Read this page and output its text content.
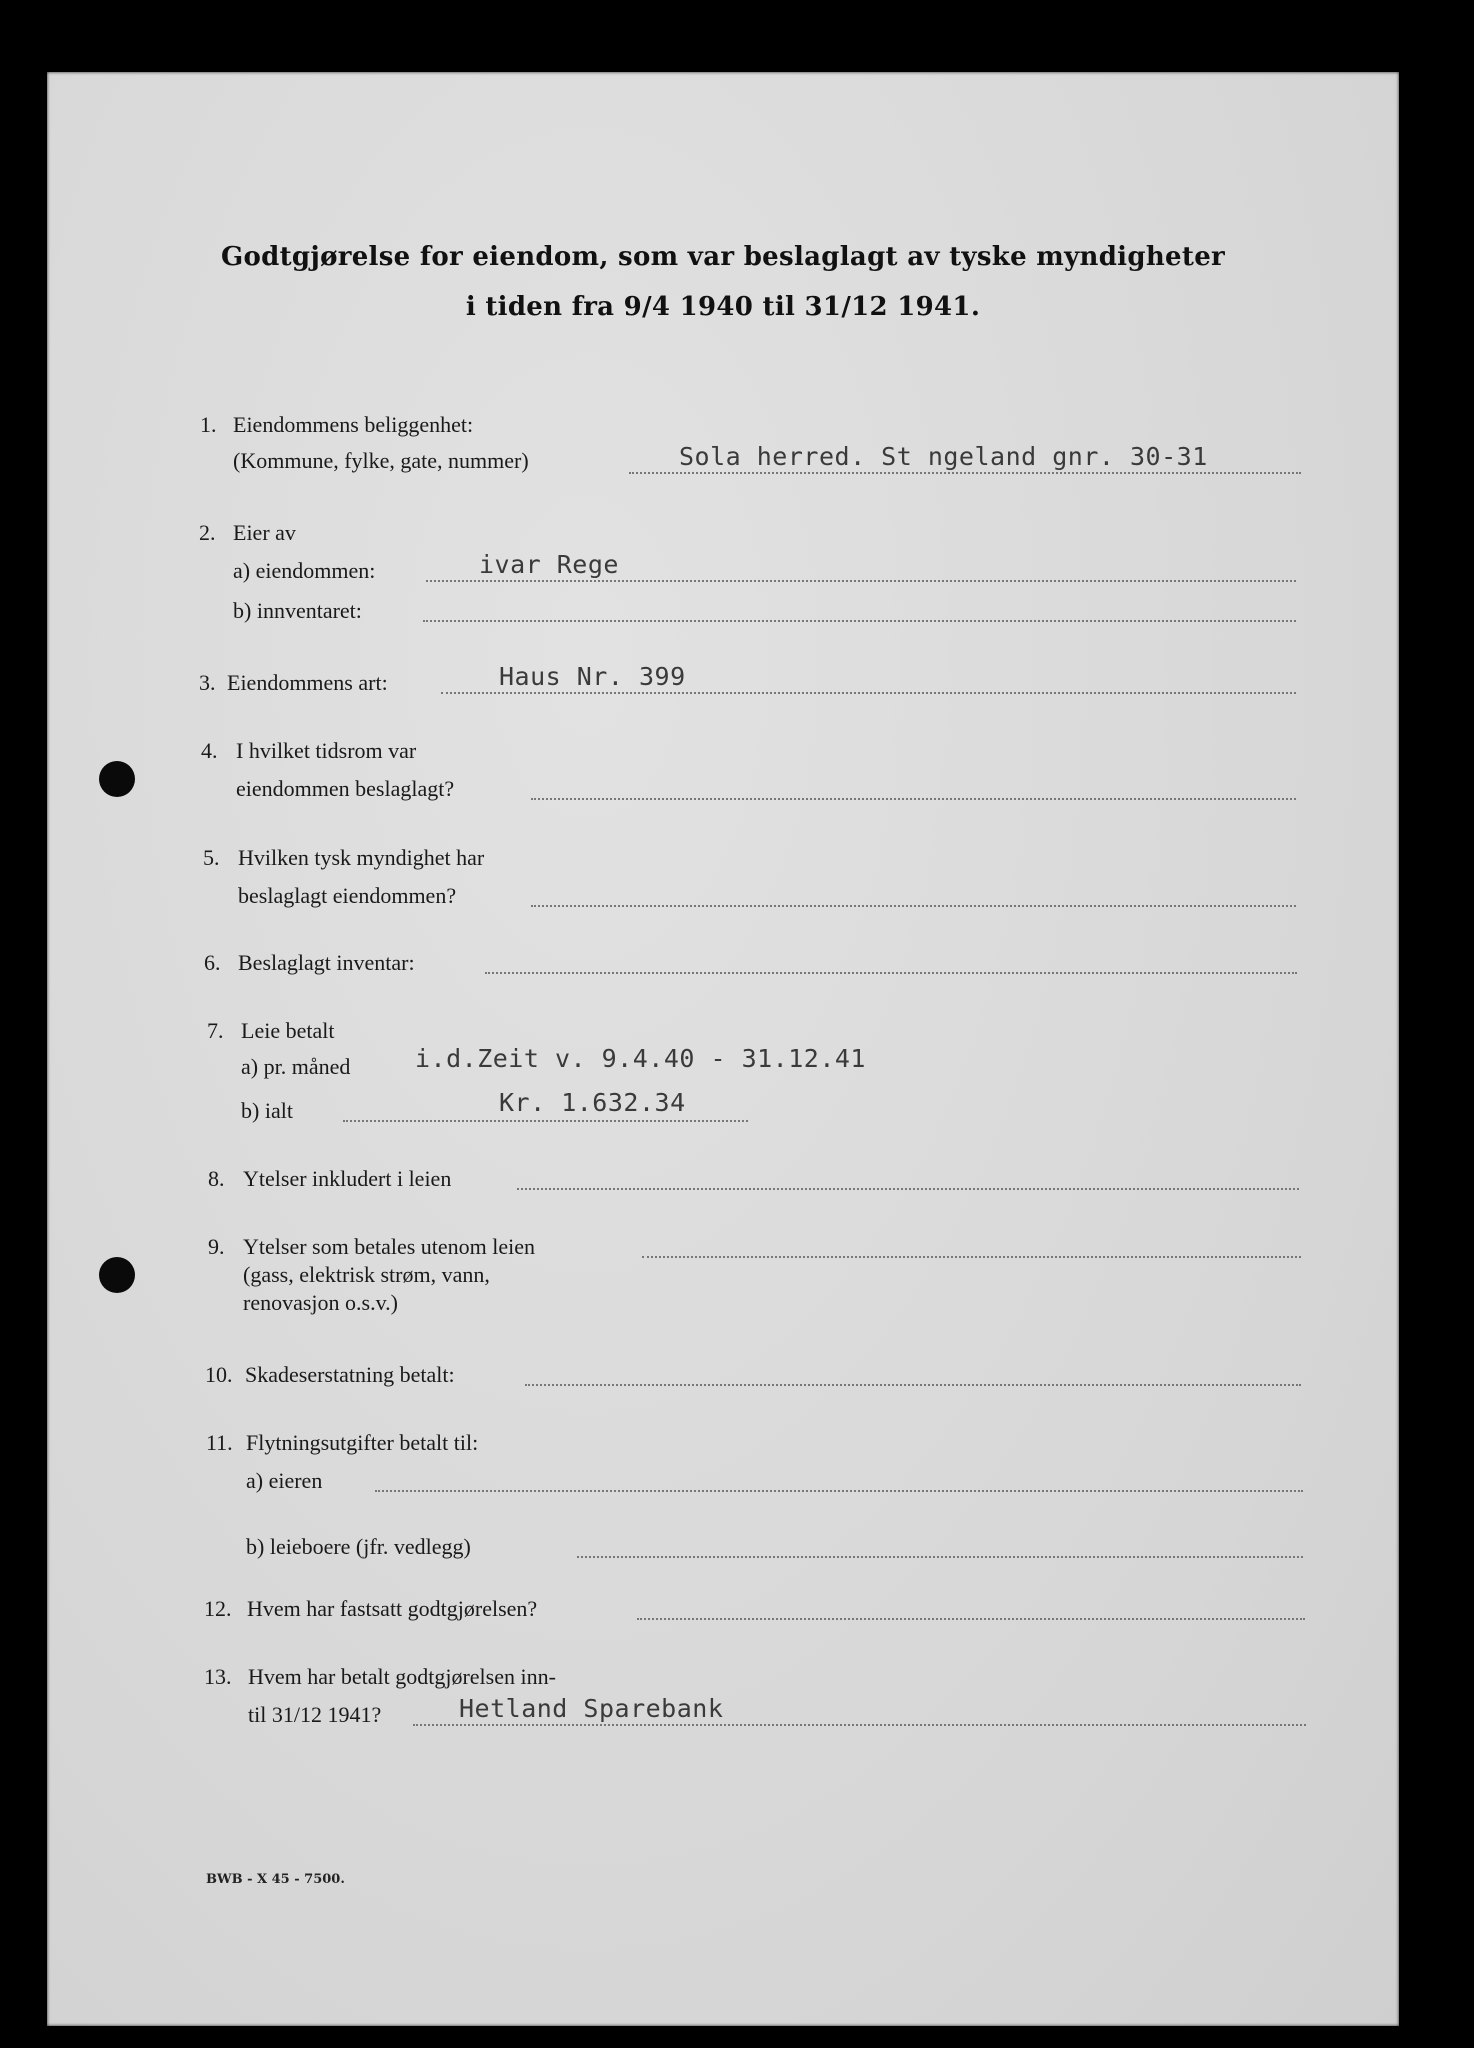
Godtgjørelse for eiendom, som var beslaglagt av tyske myndigheter
i tiden fra 9/4 1940 til 31/12 1941.
1. Eiendommens beliggenhet:
(Kommune, fylke, gate, nummer)	Sola herred. St ngeland gnr. 30-31
2. Eier av
a) eiendommen:	ivar Rege
b) innventaret:
3. Eiendommens art:	Haus Nr. 399
4. I hvilket tidsrom var
eiendommen beslaglagt?
5. Hvilken tysk myndighet har
beslaglagt eiendommen?
6. Beslaglagt inventar:
7. Leie betalt
a) pr. måned	i.d.Zeit v. 9.4.40 - 31.12.41
b) ialt	Kr. 1.632.34
8. Ytelser inkludert i leien
9. Ytelser som betales utenom leien
(gass, elektrisk strøm, vann,
renovasjon o.s.v.)
10. Skadeserstatning betalt:
11. Flytningsutgifter betalt til:
a) eieren
b) leieboere (jfr. vedlegg)
12. Hvem har fastsatt godtgjørelsen?
13. Hvem har betalt godtgjørelsen inn-
til 31/12 1941?	Hetland Sparebank
BWB - X 45 - 7500.
